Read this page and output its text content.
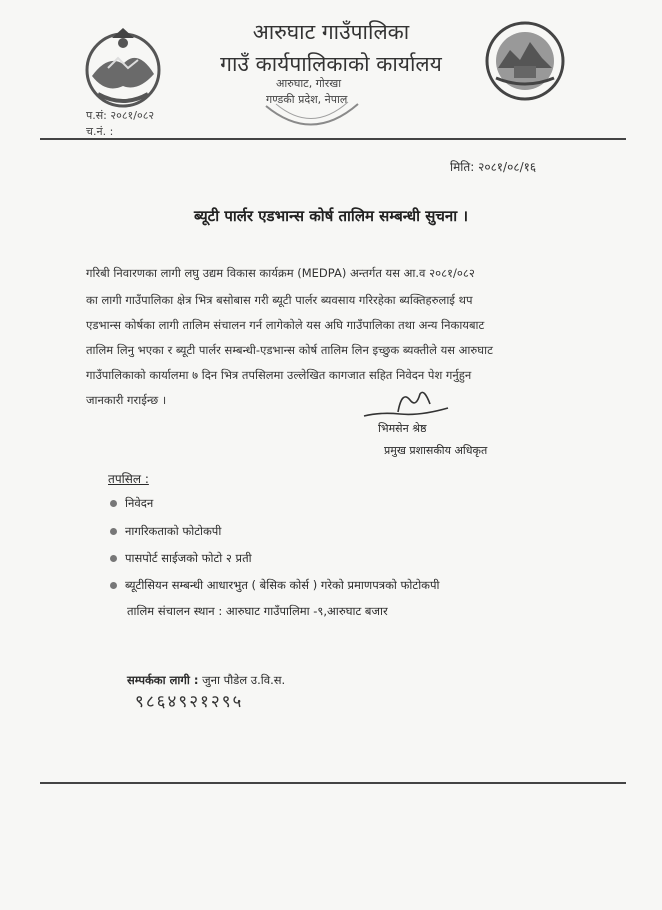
आरुघाट गाउँपालिका
गाउँ कार्यपालिकाको कार्यालय
आरुघाट, गोरखा
गण्डकी प्रदेश, नेपाल
प.सं: २०८१/०८२
च.नं. :
मिति: २०८१/०८/१६
ब्यूटी पार्लर एडभान्स कोर्ष तालिम सम्बन्धी सुचना ।
गरिबी निवारणका लागी लघु उद्यम विकास कार्यक्रम (MEDPA) अन्तर्गत यस आ.व २०८१/०८२
का लागी गाउँपालिका क्षेत्र भित्र बसोबास गरी ब्यूटी पार्लर ब्यवसाय गरिरहेका ब्यक्तिहरुलाई थप
एडभान्स कोर्षका लागी तालिम संचालन गर्न लागेकोले यस अघि गाउँपालिका तथा अन्य निकायबाट
तालिम लिनु भएका र ब्यूटी पार्लर सम्बन्धी-एडभान्स कोर्ष तालिम लिन इच्छुक ब्यक्तीले यस आरुघाट
गाउँपालिकाको कार्यालमा ७ दिन भित्र तपसिलमा उल्लेखित कागजात सहित निवेदन पेश गर्नुहुन
जानकारी गराईन्छ ।
भिमसेन श्रेष्ठ
प्रमुख प्रशासकीय अधिकृत
तपसिल :
निवेदन
नागरिकताको फोटोकपी
पासपोर्ट साईजको फोटो २ प्रती
ब्यूटीसियन सम्बन्धी आधारभुत ( बेसिक कोर्स ) गरेको प्रमाणपत्रको फोटोकपी
तालिम संचालन स्थान : आरुघाट गाउँपालिमा -९,आरुघाट बजार
सम्पर्कका लागी : जुना पौडेल उ.वि.स.
९८६४९२१२९५
